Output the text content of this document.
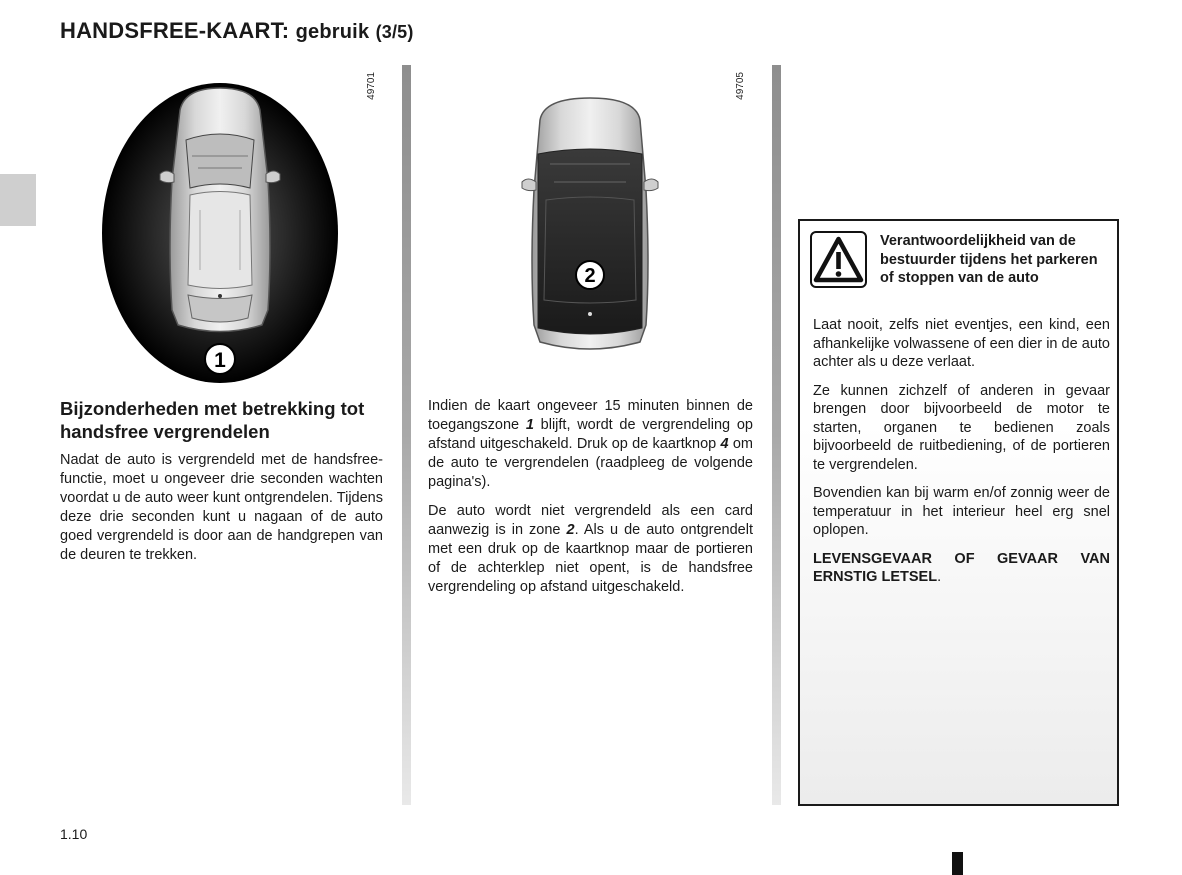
HANDSFREE-KAART: gebruik (3/5)
1
49701
2
49705
Bijzonderheden met betrekking tot handsfree vergrendelen

Nadat de auto is vergrendeld met de handsfree-functie, moet u ongeveer drie seconden wachten voordat u de auto weer kunt ontgrendelen. Tijdens deze drie seconden kunt u nagaan of de auto goed vergrendeld is door aan de handgrepen van de deuren te trekken.

Indien de kaart ongeveer 15 minuten binnen de toegangszone 1 blijft, wordt de vergrendeling op afstand uitgeschakeld. Druk op de kaartknop 4 om de auto te vergrendelen (raadpleeg de volgende pagina's).

De auto wordt niet vergrendeld als een card aanwezig is in zone 2. Als u de auto ontgrendelt met een druk op de kaartknop maar de portieren of de achterklep niet opent, is de handsfree vergrendeling op afstand uitgeschakeld.

Verantwoordelijkheid van de bestuurder tijdens het parkeren of stoppen van de auto

Laat nooit, zelfs niet eventjes, een kind, een afhankelijke volwassene of een dier in de auto achter als u deze verlaat.

Ze kunnen zichzelf of anderen in gevaar brengen door bijvoorbeeld de motor te starten, organen te bedienen zoals bijvoorbeeld de ruitbediening, of de portieren te vergrendelen.

Bovendien kan bij warm en/of zonnig weer de temperatuur in het interieur heel erg snel oplopen.

LEVENSGEVAAR OF GEVAAR VAN ERNSTIG LETSEL.

1.10
